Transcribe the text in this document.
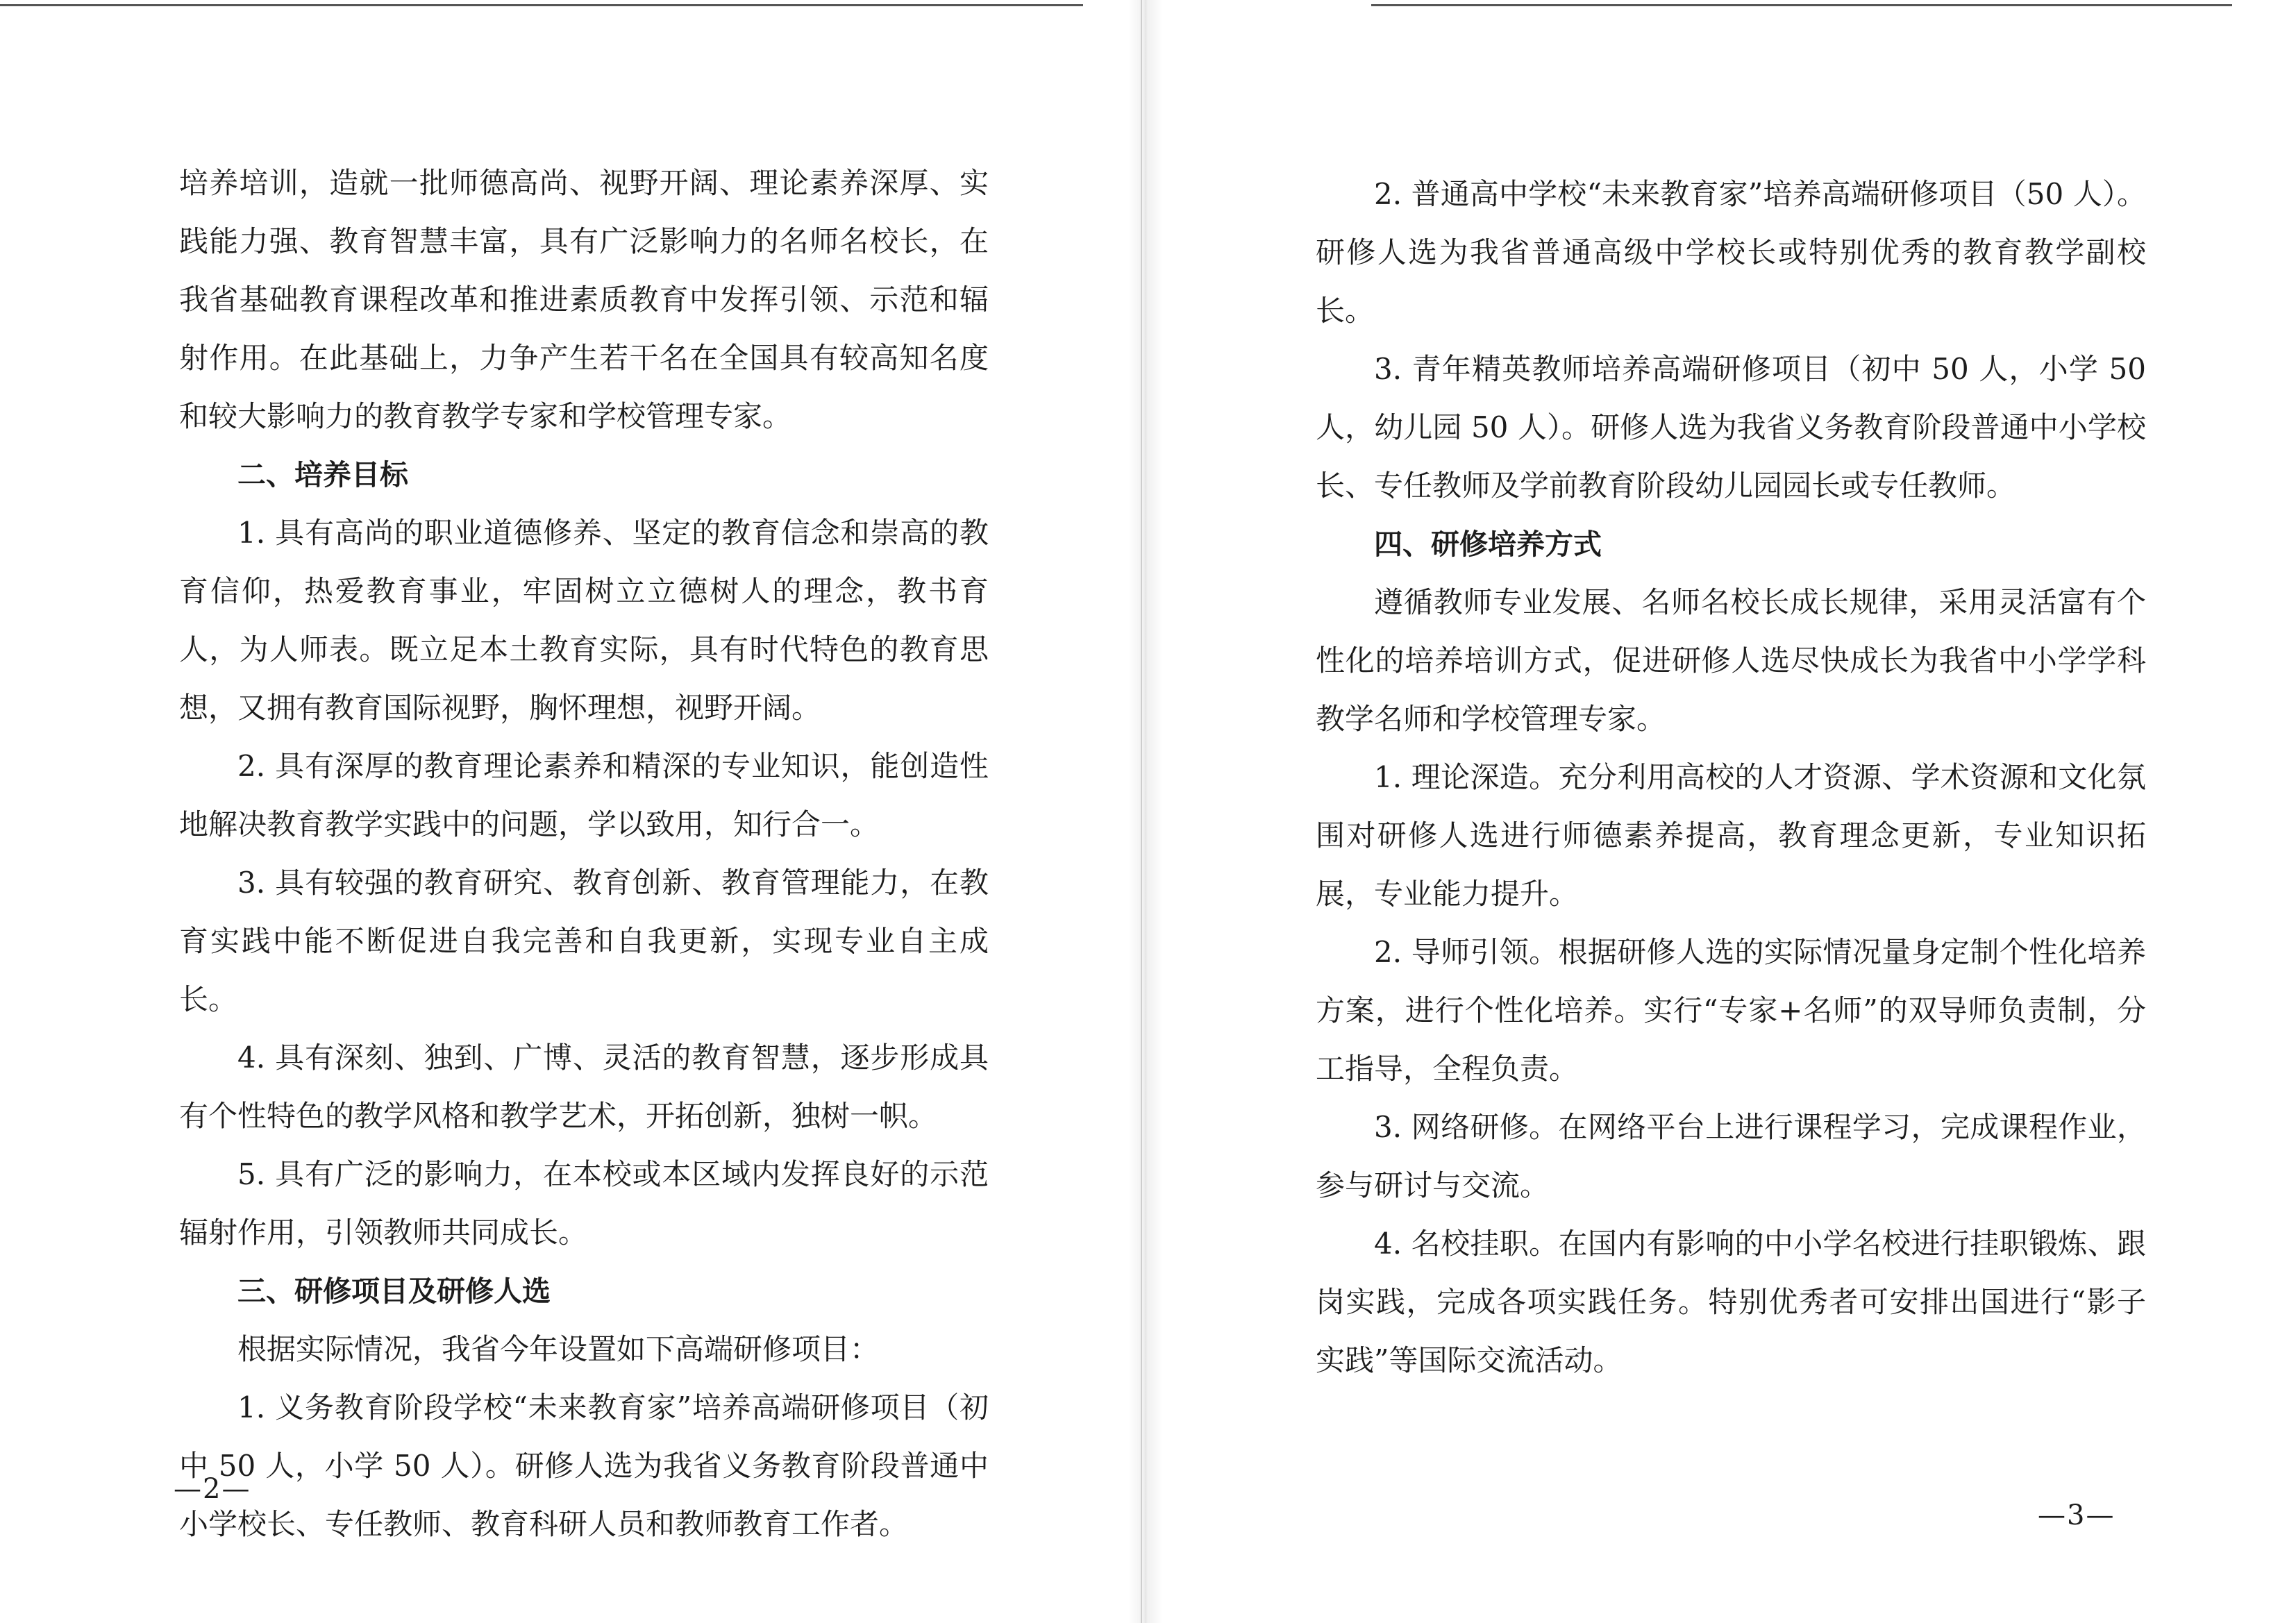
培养培训，造就一批师德高尚、视野开阔、理论素养深厚、实践能力强、教育智慧丰富，具有广泛影响力的名师名校长，在我省基础教育课程改革和推进素质教育中发挥引领、示范和辐射作用。在此基础上，力争产生若干名在全国具有较高知名度和较大影响力的教育教学专家和学校管理专家。

二、培养目标

1. 具有高尚的职业道德修养、坚定的教育信念和崇高的教育信仰，热爱教育事业，牢固树立立德树人的理念，教书育人，为人师表。既立足本土教育实际，具有时代特色的教育思想，又拥有教育国际视野，胸怀理想，视野开阔。

2. 具有深厚的教育理论素养和精深的专业知识，能创造性地解决教育教学实践中的问题，学以致用，知行合一。

3. 具有较强的教育研究、教育创新、教育管理能力，在教育实践中能不断促进自我完善和自我更新，实现专业自主成长。

4. 具有深刻、独到、广博、灵活的教育智慧，逐步形成具有个性特色的教学风格和教学艺术，开拓创新，独树一帜。

5. 具有广泛的影响力，在本校或本区域内发挥良好的示范辐射作用，引领教师共同成长。

三、研修项目及研修人选

根据实际情况，我省今年设置如下高端研修项目：

1. 义务教育阶段学校“未来教育家”培养高端研修项目（初中 50 人，小学 50 人）。研修人选为我省义务教育阶段普通中小学校长、专任教师、教育科研人员和教师教育工作者。

—2—

2. 普通高中学校“未来教育家”培养高端研修项目（50 人）。研修人选为我省普通高级中学校长或特别优秀的教育教学副校长。

3. 青年精英教师培养高端研修项目（初中 50 人，小学 50 人，幼儿园 50 人）。研修人选为我省义务教育阶段普通中小学校长、专任教师及学前教育阶段幼儿园园长或专任教师。

四、研修培养方式

遵循教师专业发展、名师名校长成长规律，采用灵活富有个性化的培养培训方式，促进研修人选尽快成长为我省中小学学科教学名师和学校管理专家。

1. 理论深造。充分利用高校的人才资源、学术资源和文化氛围对研修人选进行师德素养提高，教育理念更新，专业知识拓展，专业能力提升。

2. 导师引领。根据研修人选的实际情况量身定制个性化培养方案，进行个性化培养。实行“专家+名师”的双导师负责制，分工指导，全程负责。

3. 网络研修。在网络平台上进行课程学习，完成课程作业，参与研讨与交流。

4. 名校挂职。在国内有影响的中小学名校进行挂职锻炼、跟岗实践，完成各项实践任务。特别优秀者可安排出国进行“影子实践”等国际交流活动。

—3—
